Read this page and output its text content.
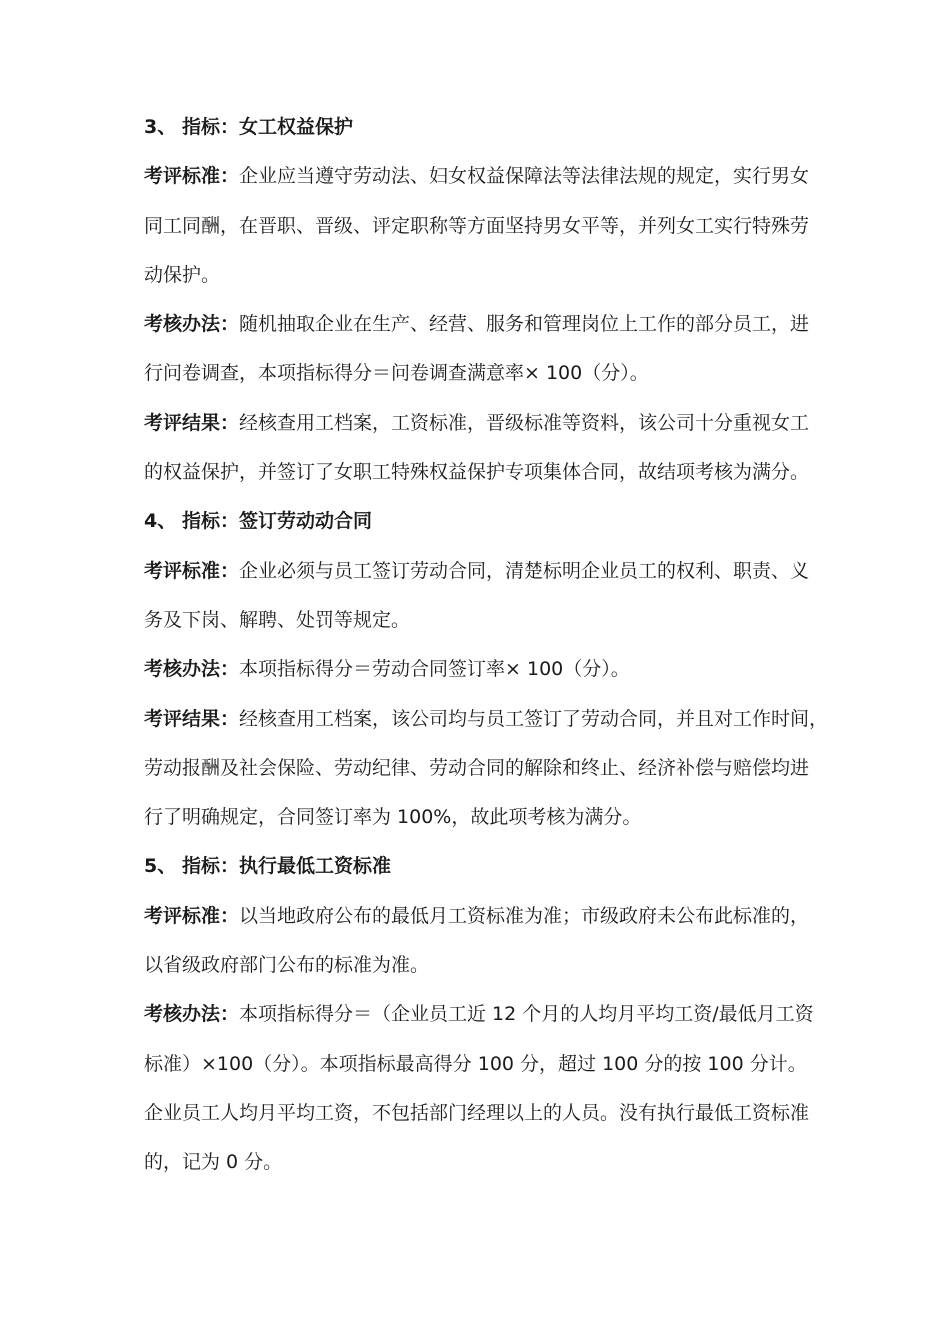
3、 指标：女工权益保护
考评标准：企业应当遵守劳动法、妇女权益保障法等法律法规的规定，实行男女
同工同酬，在晋职、晋级、评定职称等方面坚持男女平等，并列女工实行特殊劳
动保护。
考核办法：随机抽取企业在生产、经营、服务和管理岗位上工作的部分员工，进
行问卷调查，本项指标得分＝问卷调查满意率× 100（分）。
考评结果：经核查用工档案，工资标准，晋级标准等资料，该公司十分重视女工
的权益保护，并签订了女职工特殊权益保护专项集体合同，故结项考核为满分。
4、 指标：签订劳动动合同
考评标准：企业必须与员工签订劳动合同，清楚标明企业员工的权利、职责、义
务及下岗、解聘、处罚等规定。
考核办法：本项指标得分＝劳动合同签订率× 100（分）。
考评结果：经核查用工档案，该公司均与员工签订了劳动合同，并且对工作时间，
劳动报酬及社会保险、劳动纪律、劳动合同的解除和终止、经济补偿与赔偿均进
行了明确规定，合同签订率为 100%，故此项考核为满分。
5、 指标：执行最低工资标准
考评标准：以当地政府公布的最低月工资标准为准；市级政府未公布此标准的，
以省级政府部门公布的标准为准。
考核办法：本项指标得分＝（企业员工近 12 个月的人均月平均工资/最低月工资
标准）×100（分）。本项指标最高得分 100 分，超过 100 分的按 100 分计。
企业员工人均月平均工资，不包括部门经理以上的人员。没有执行最低工资标准
的，记为 0 分。
